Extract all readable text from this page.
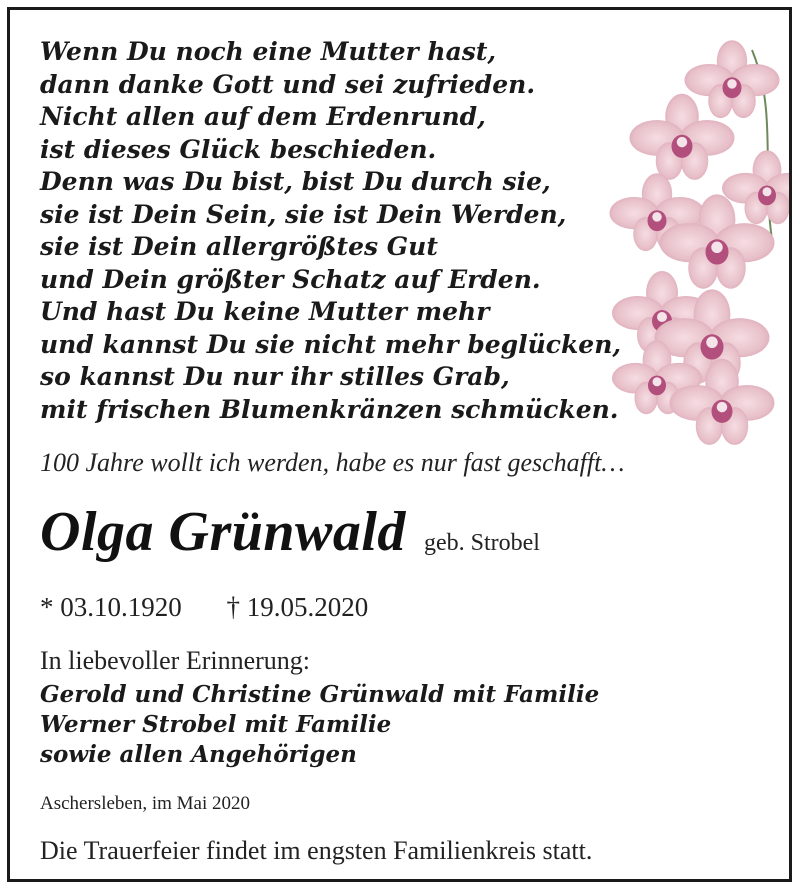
Wenn Du noch eine Mutter hast,
dann danke Gott und sei zufrieden.
Nicht allen auf dem Erdenrund,
ist dieses Glück beschieden.
Denn was Du bist, bist Du durch sie,
sie ist Dein Sein, sie ist Dein Werden,
sie ist Dein allergrößtes Gut
und Dein größter Schatz auf Erden.
Und hast Du keine Mutter mehr
und kannst Du sie nicht mehr beglücken,
so kannst Du nur ihr stilles Grab,
mit frischen Blumenkränzen schmücken.
100 Jahre wollt ich werden, habe es nur fast geschafft…
Olga Grünwald geb. Strobel
* 03.10.1920 † 19.05.2020
In liebevoller Erinnerung:
Gerold und Christine Grünwald mit Familie
Werner Strobel mit Familie
sowie allen Angehörigen
Aschersleben, im Mai 2020
Die Trauerfeier findet im engsten Familienkreis statt.
